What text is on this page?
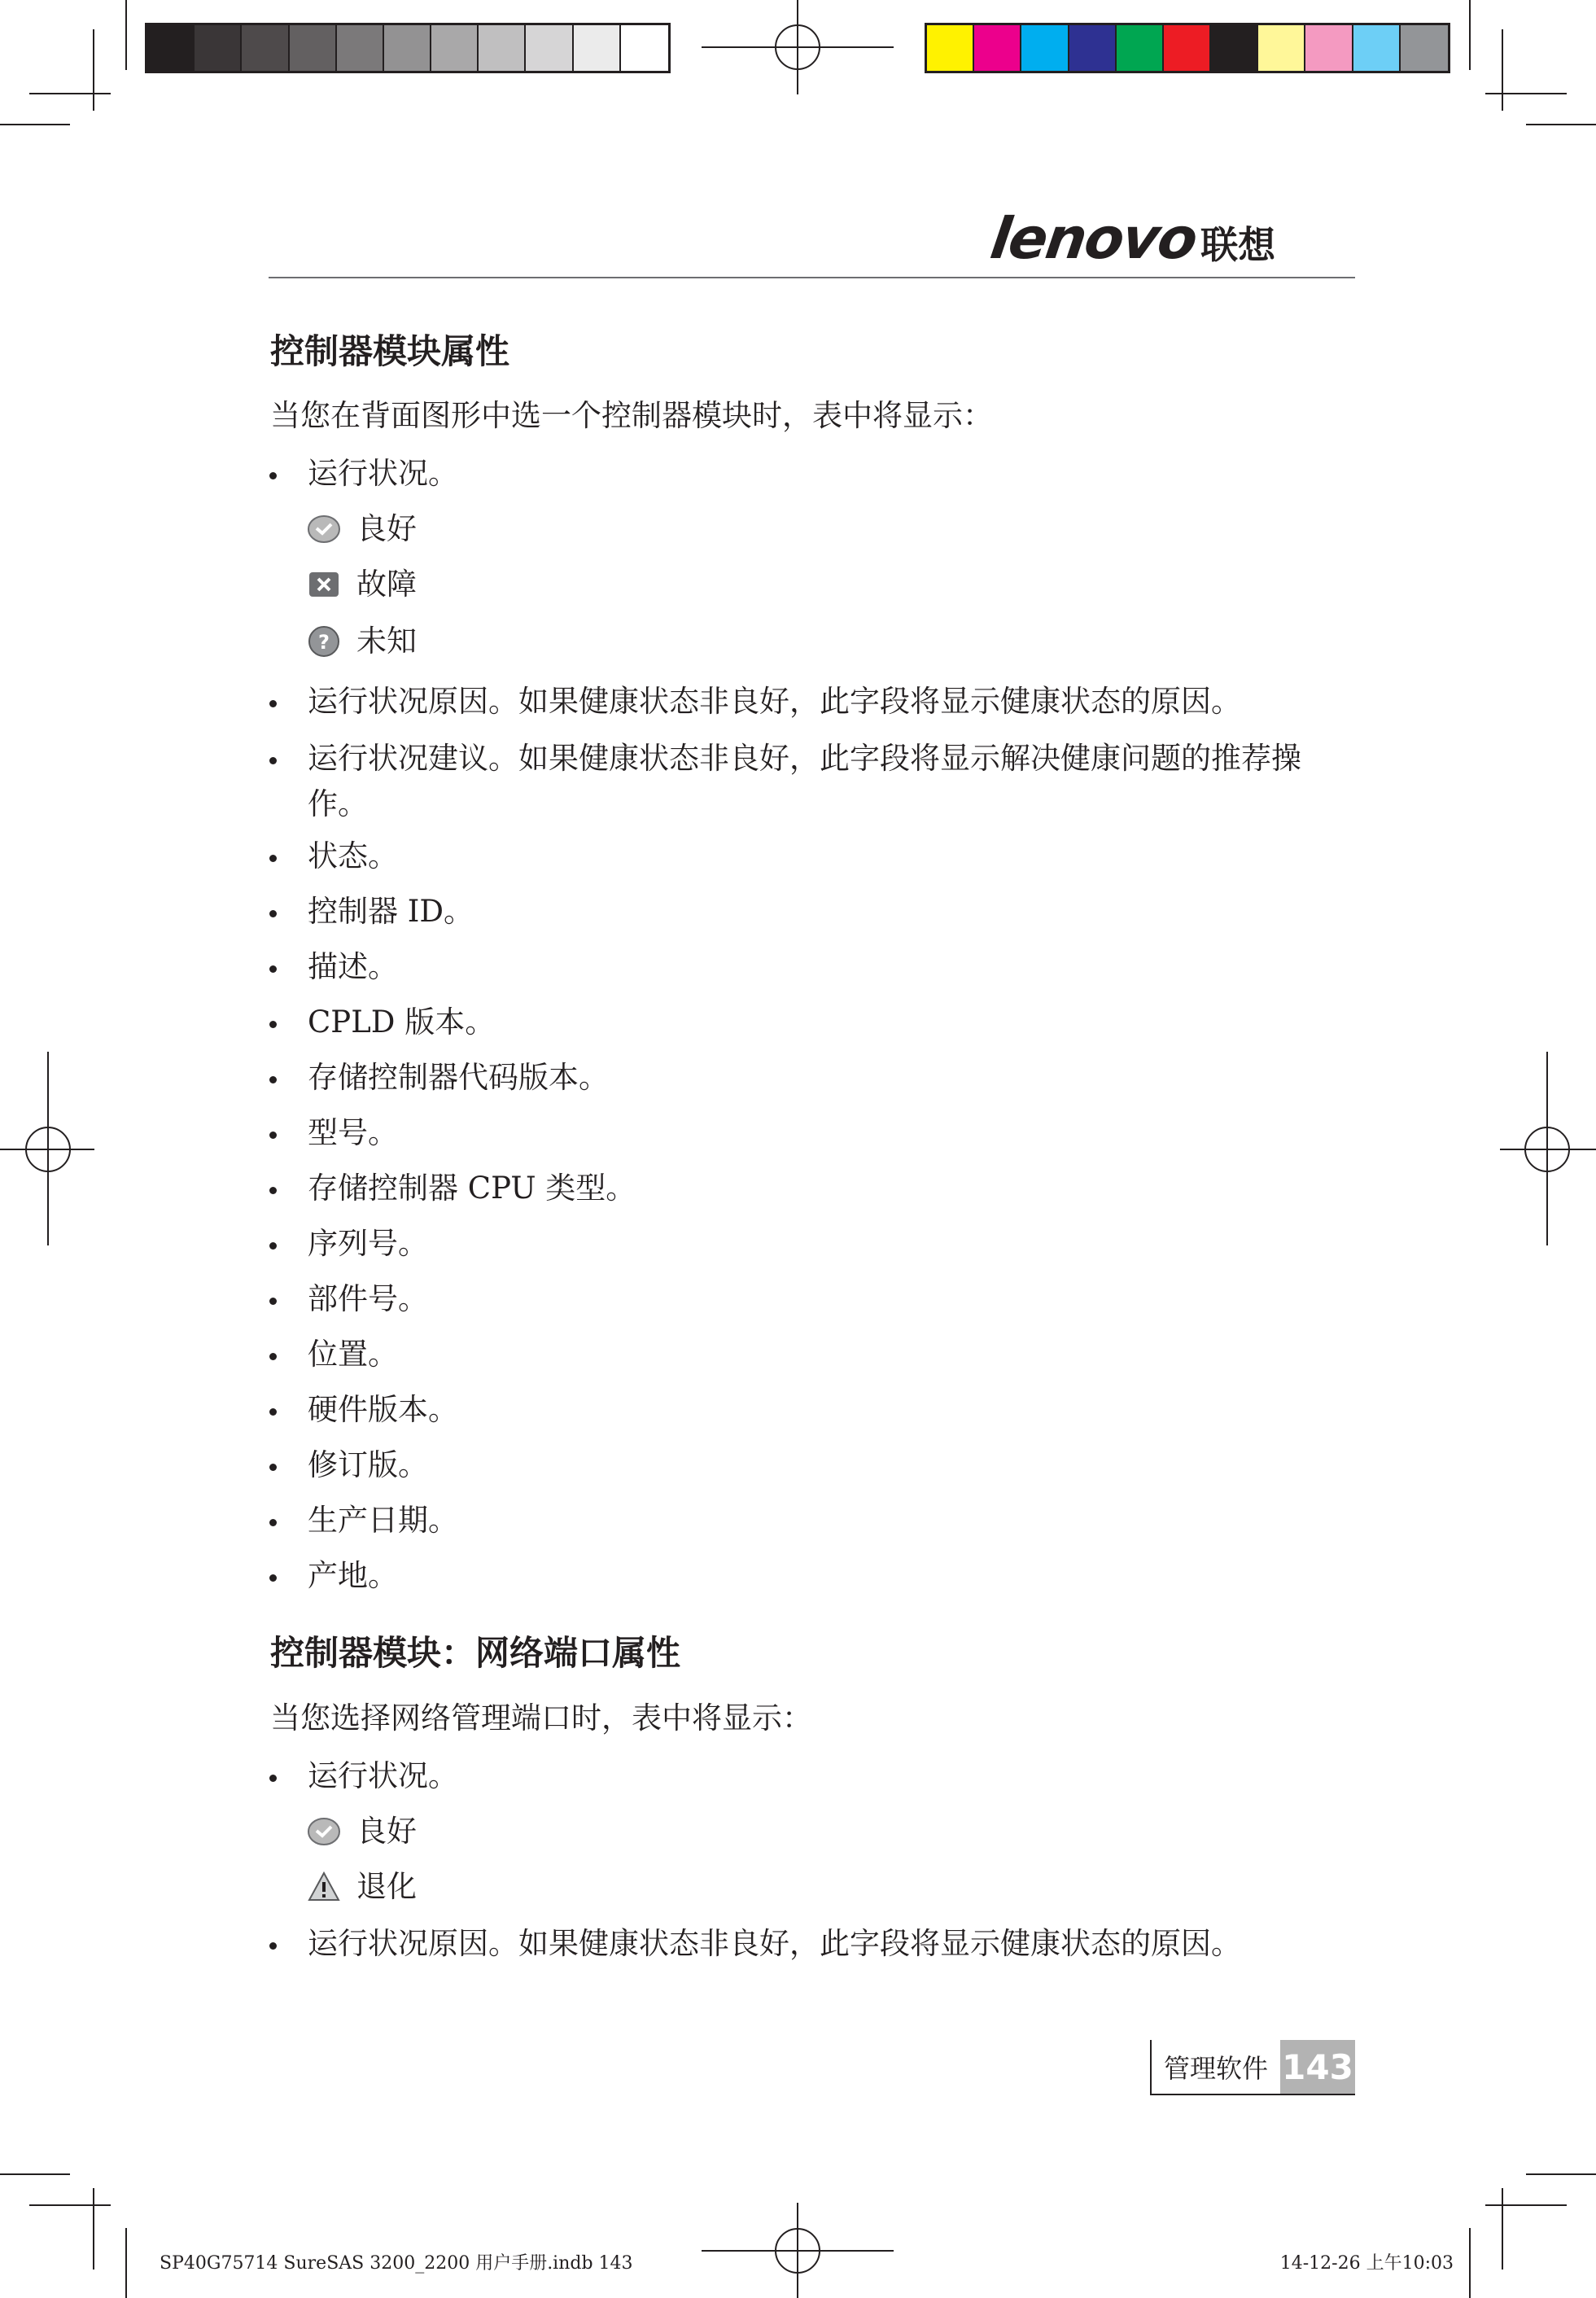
lenovo 联想
控制器模块属性
当您在背面图形中选一个控制器模块时，表中将显示：
运行状况。
良好
故障
? 未知
运行状况原因。如果健康状态非良好，此字段将显示健康状态的原因。
运行状况建议。如果健康状态非良好，此字段将显示解决健康问题的推荐操
作。
状态。
控制器 ID。
描述。
CPLD 版本。
存储控制器代码版本。
型号。
存储控制器 CPU 类型。
序列号。
部件号。
位置。
硬件版本。
修订版。
生产日期。
产地。
控制器模块：网络端口属性
当您选择网络管理端口时，表中将显示：
运行状况。
良好
退化
运行状况原因。如果健康状态非良好，此字段将显示健康状态的原因。
管理软件 143
SP40G75714 SureSAS 3200_2200 用户手册.indb 143	14-12-26 上午10:03
